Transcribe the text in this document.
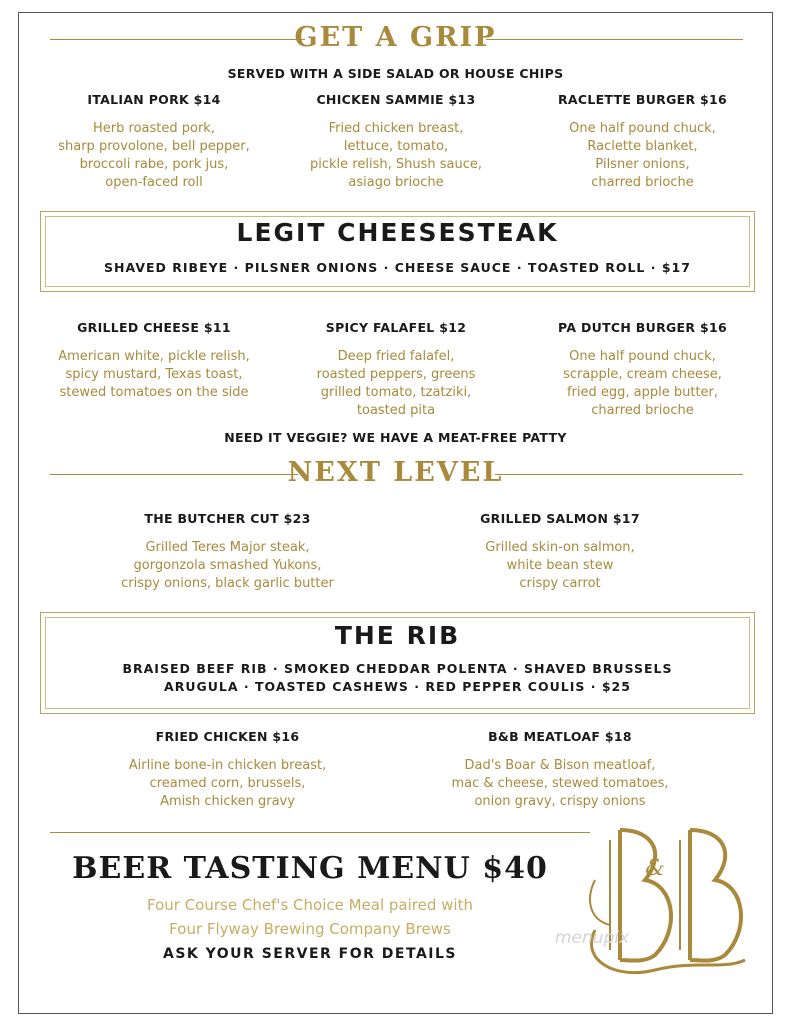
GET A GRIP
SERVED WITH A SIDE SALAD OR HOUSE CHIPS
ITALIAN PORK $14
Herb roasted pork,
sharp provolone, bell pepper,
broccoli rabe, pork jus,
open-faced roll
CHICKEN SAMMIE $13
Fried chicken breast,
lettuce, tomato,
pickle relish, Shush sauce,
asiago brioche
RACLETTE BURGER $16
One half pound chuck,
Raclette blanket,
Pilsner onions,
charred brioche
LEGIT CHEESESTEAK
SHAVED RIBEYE · PILSNER ONIONS · CHEESE SAUCE · TOASTED ROLL · $17
GRILLED CHEESE $11
American white, pickle relish,
spicy mustard, Texas toast,
stewed tomatoes on the side
SPICY FALAFEL $12
Deep fried falafel,
roasted peppers, greens
grilled tomato, tzatziki,
toasted pita
PA DUTCH BURGER $16
One half pound chuck,
scrapple, cream cheese,
fried egg, apple butter,
charred brioche
NEED IT VEGGIE? WE HAVE A MEAT-FREE PATTY
NEXT LEVEL
THE BUTCHER CUT $23
Grilled Teres Major steak,
gorgonzola smashed Yukons,
crispy onions, black garlic butter
GRILLED SALMON $17
Grilled skin-on salmon,
white bean stew
crispy carrot
THE RIB
BRAISED BEEF RIB · SMOKED CHEDDAR POLENTA · SHAVED BRUSSELS
ARUGULA · TOASTED CASHEWS · RED PEPPER COULIS · $25
FRIED CHICKEN $16
Airline bone-in chicken breast,
creamed corn, brussels,
Amish chicken gravy
B&B MEATLOAF $18
Dad's Boar & Bison meatloaf,
mac & cheese, stewed tomatoes,
onion gravy, crispy onions
BEER TASTING MENU $40
Four Course Chef's Choice Meal paired with
Four Flyway Brewing Company Brews
ASK YOUR SERVER FOR DETAILS
&
menupix
